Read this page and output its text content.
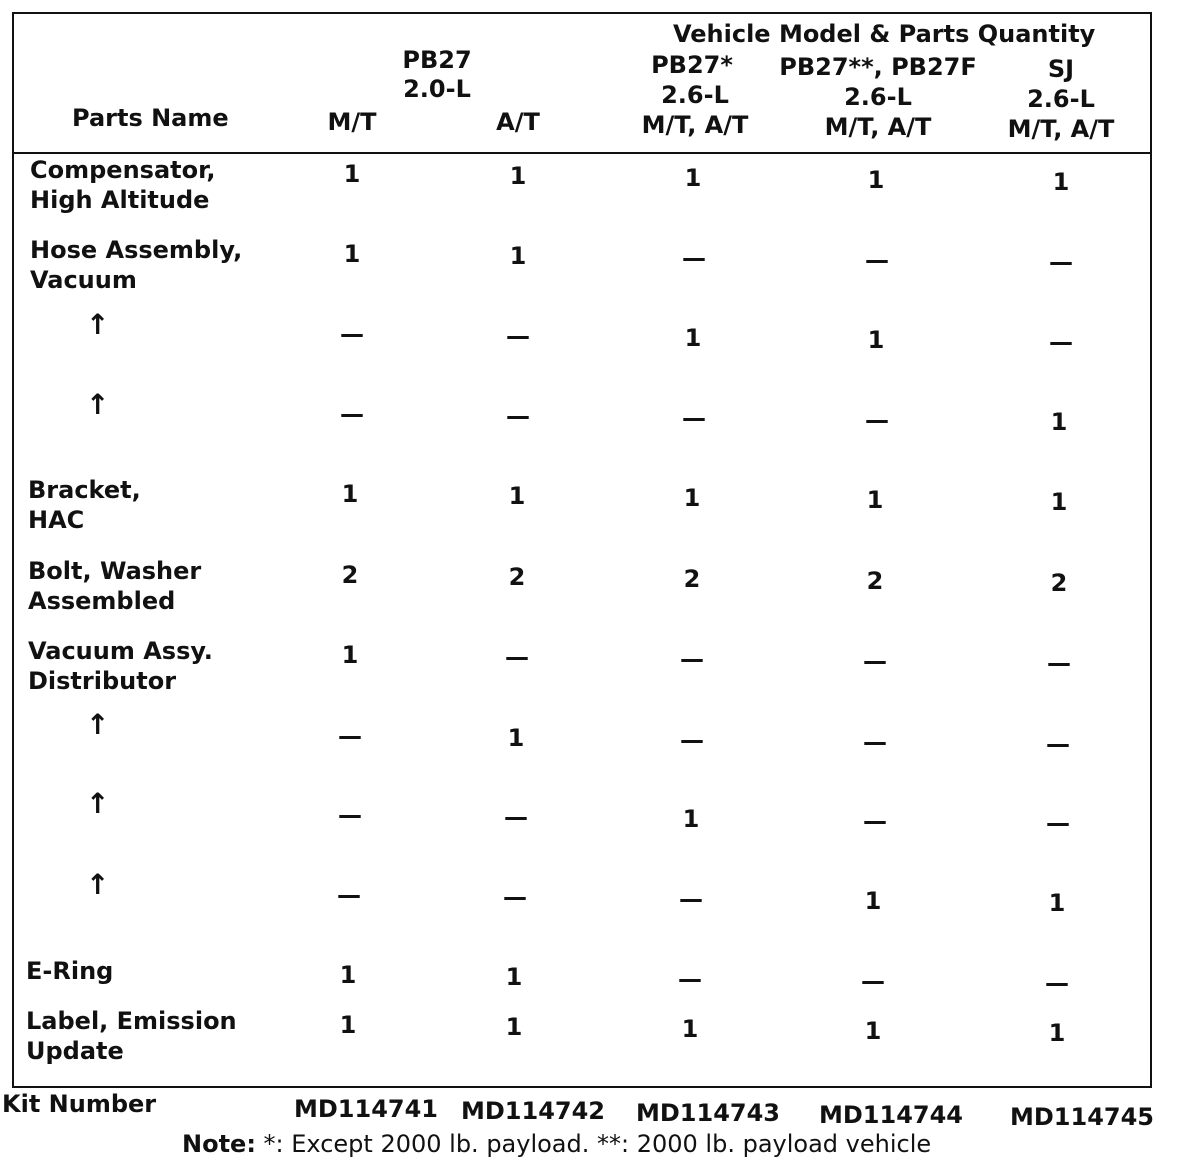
Vehicle Model & Parts Quantity
Parts Name
PB27
2.0-L
M/T	A/T
PB27*
2.6-L
M/T, A/T
PB27**, PB27F
2.6-L
M/T, A/T
SJ
2.6-L
M/T, A/T
Compensator,
High Altitude
1	1	1	1	1
Hose Assembly,
Vacuum
1	1	—	—	—
↑	—	—	1	1	—
↑	—	—	—	—	1
Bracket,
HAC
1	1	1	1	1
Bolt, Washer
Assembled
2	2	2	2	2
Vacuum Assy.
Distributor
1	—	—	—	—
↑	—	1	—	—	—
↑	—	—	1	—	—
↑	—	—	—	1	1
E-Ring	1	1	—	—	—
Label, Emission
Update
1	1	1	1	1
Kit Number	MD114741 MD114742 MD114743 MD114744 MD114745
Note: *: Except 2000 lb. payload. **: 2000 lb. payload vehicle
